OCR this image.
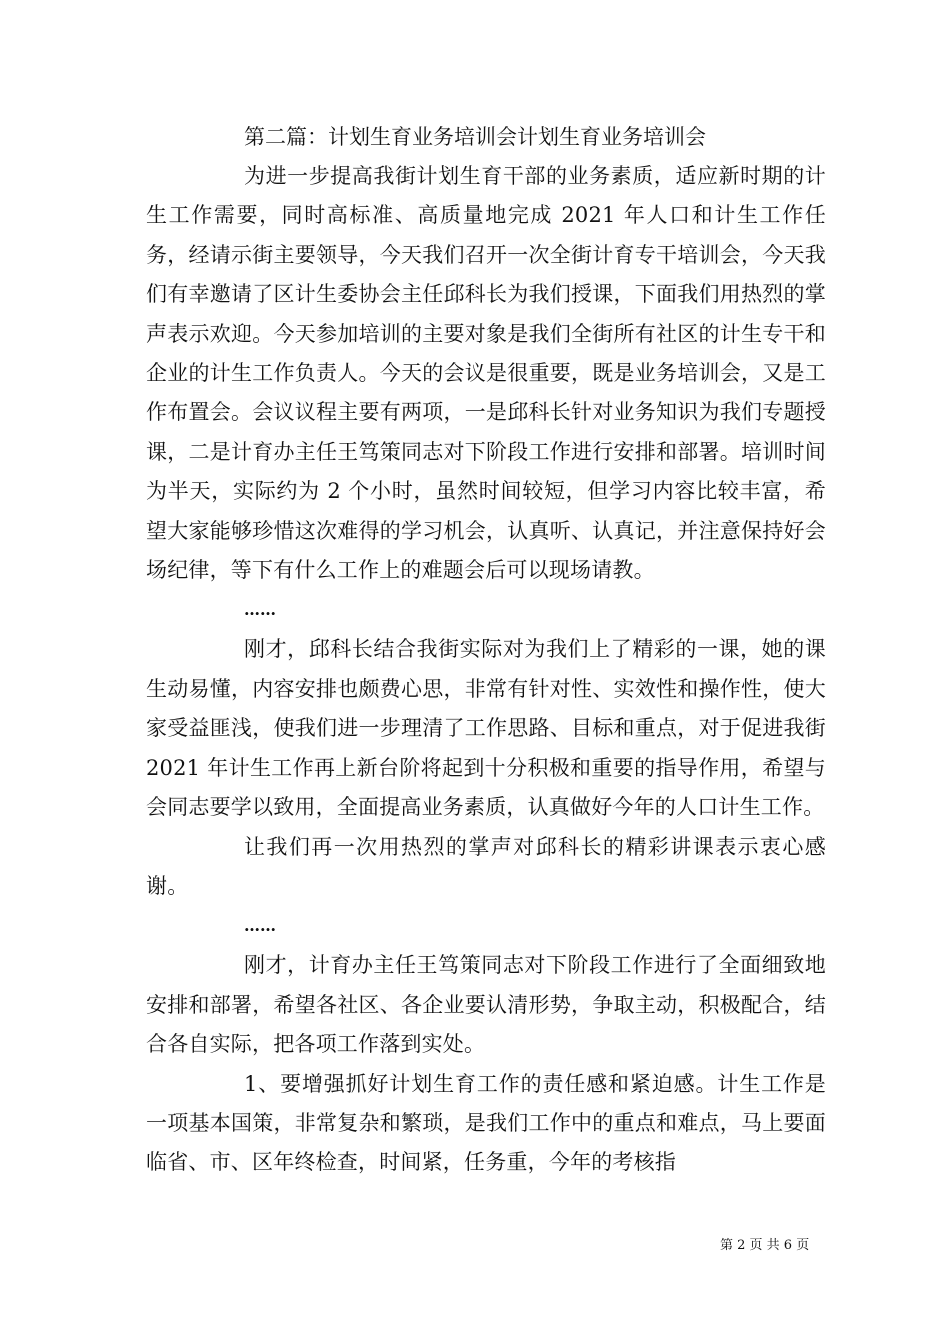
第二篇：计划生育业务培训会计划生育业务培训会

为进一步提高我街计划生育干部的业务素质，适应新时期的计生工作需要，同时高标准、高质量地完成 2021 年人口和计生工作任务，经请示街主要领导，今天我们召开一次全街计育专干培训会，今天我们有幸邀请了区计生委协会主任邱科长为我们授课，下面我们用热烈的掌声表示欢迎。今天参加培训的主要对象是我们全街所有社区的计生专干和企业的计生工作负责人。今天的会议是很重要，既是业务培训会，又是工作布置会。会议议程主要有两项，一是邱科长针对业务知识为我们专题授课，二是计育办主任王笃策同志对下阶段工作进行安排和部署。培训时间为半天，实际约为 2 个小时，虽然时间较短，但学习内容比较丰富，希望大家能够珍惜这次难得的学习机会，认真听、认真记，并注意保持好会场纪律，等下有什么工作上的难题会后可以现场请教。

……

刚才，邱科长结合我街实际对为我们上了精彩的一课，她的课生动易懂，内容安排也颇费心思，非常有针对性、实效性和操作性，使大家受益匪浅，使我们进一步理清了工作思路、目标和重点，对于促进我街 2021 年计生工作再上新台阶将起到十分积极和重要的指导作用，希望与会同志要学以致用，全面提高业务素质，认真做好今年的人口计生工作。

让我们再一次用热烈的掌声对邱科长的精彩讲课表示衷心感谢。

……

刚才，计育办主任王笃策同志对下阶段工作进行了全面细致地安排和部署，希望各社区、各企业要认清形势，争取主动，积极配合，结合各自实际，把各项工作落到实处。

1、要增强抓好计划生育工作的责任感和紧迫感。计生工作是一项基本国策，非常复杂和繁琐，是我们工作中的重点和难点，马上要面临省、市、区年终检查，时间紧，任务重，今年的考核指

第 2 页 共 6 页
